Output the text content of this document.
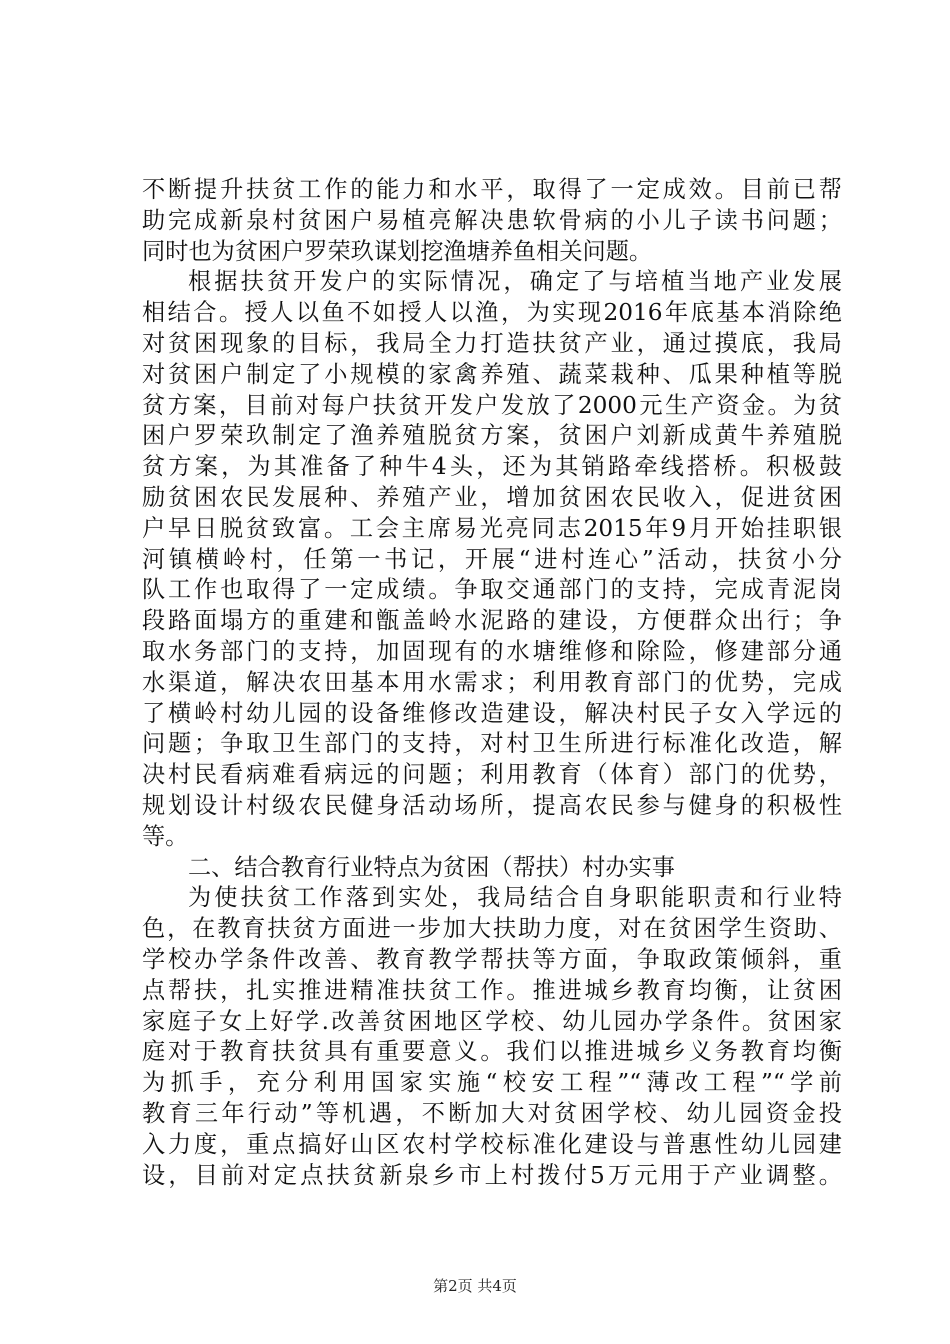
不断提升扶贫工作的能力和水平，取得了一定成效。目前已帮
助完成新泉村贫困户易植亮解决患软骨病的小儿子读书问题；
同时也为贫困户罗荣玖谋划挖渔塘养鱼相关问题。
根据扶贫开发户的实际情况，确定了与培植当地产业发展
相结合。授人以鱼不如授人以渔，为实现2016年底基本消除绝
对贫困现象的目标，我局全力打造扶贫产业，通过摸底，我局
对贫困户制定了小规模的家禽养殖、蔬菜栽种、瓜果种植等脱
贫方案，目前对每户扶贫开发户发放了2000元生产资金。为贫
困户罗荣玖制定了渔养殖脱贫方案，贫困户刘新成黄牛养殖脱
贫方案，为其准备了种牛4头，还为其销路牵线搭桥。积极鼓
励贫困农民发展种、养殖产业，增加贫困农民收入，促进贫困
户早日脱贫致富。工会主席易光亮同志2015年9月开始挂职银
河镇横岭村，任第一书记，开展“进村连心”活动，扶贫小分
队工作也取得了一定成绩。争取交通部门的支持，完成青泥岗
段路面塌方的重建和甑盖岭水泥路的建设，方便群众出行；争
取水务部门的支持，加固现有的水塘维修和除险，修建部分通
水渠道，解决农田基本用水需求；利用教育部门的优势，完成
了横岭村幼儿园的设备维修改造建设，解决村民子女入学远的
问题；争取卫生部门的支持，对村卫生所进行标准化改造，解
决村民看病难看病远的问题；利用教育（体育）部门的优势，
规划设计村级农民健身活动场所，提高农民参与健身的积极性
等。
二、结合教育行业特点为贫困（帮扶）村办实事
为使扶贫工作落到实处，我局结合自身职能职责和行业特
色，在教育扶贫方面进一步加大扶助力度，对在贫困学生资助、
学校办学条件改善、教育教学帮扶等方面，争取政策倾斜，重
点帮扶，扎实推进精准扶贫工作。推进城乡教育均衡，让贫困
家庭子女上好学.改善贫困地区学校、幼儿园办学条件。贫困家
庭对于教育扶贫具有重要意义。我们以推进城乡义务教育均衡
为抓手，充分利用国家实施“校安工程”“薄改工程”“学前
教育三年行动”等机遇，不断加大对贫困学校、幼儿园资金投
入力度，重点搞好山区农村学校标准化建设与普惠性幼儿园建
设，目前对定点扶贫新泉乡市上村拨付5万元用于产业调整。
第2页 共4页
